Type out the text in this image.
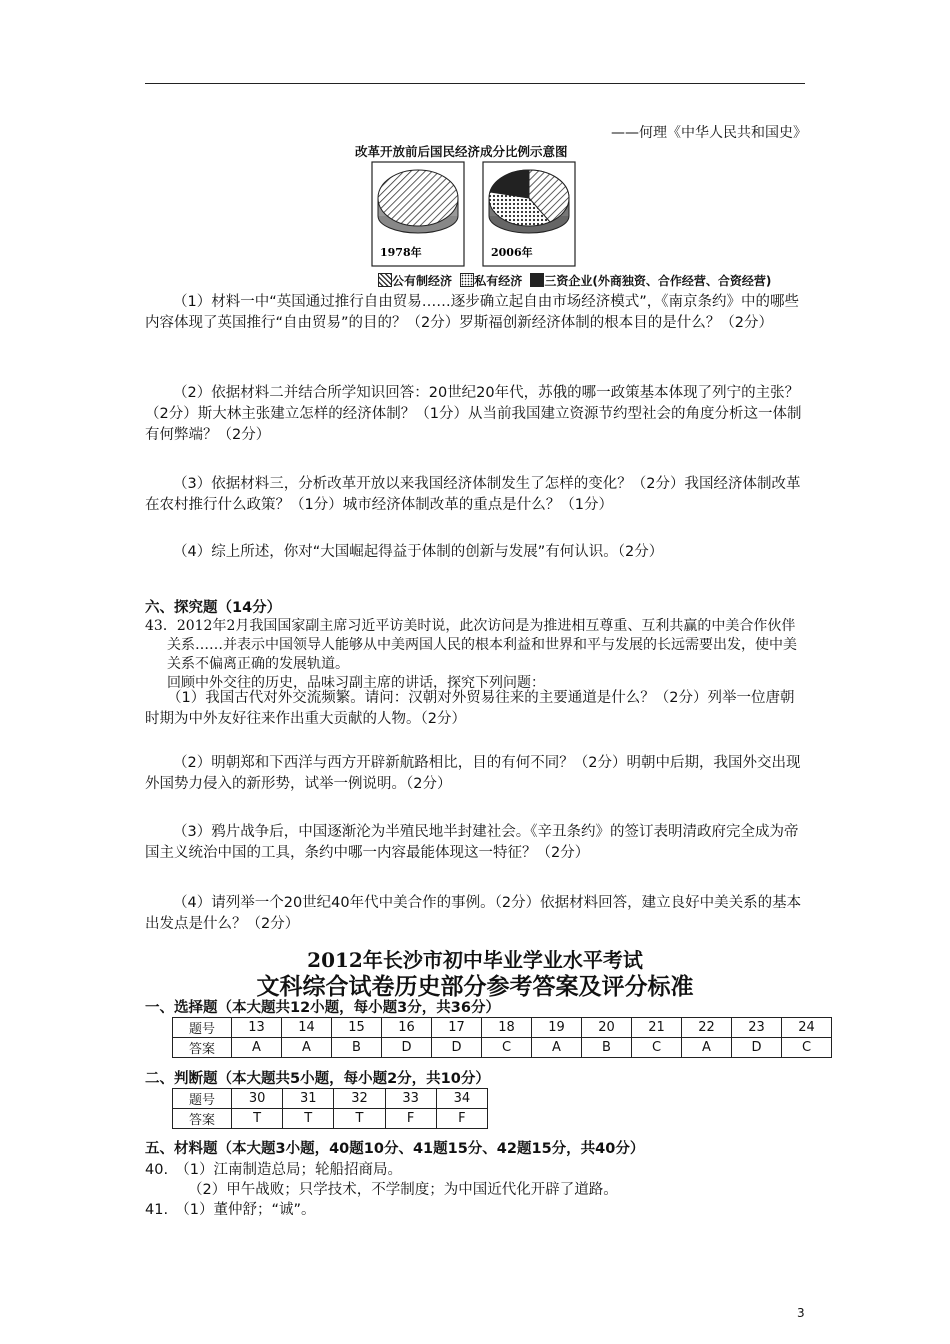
——何理《中华人民共和国史》
改革开放前后国民经济成分比例示意图
1978年	2006年
公有制经济 私有经济 三资企业(外商独资、合作经营、合资经营)
（1）材料一中“英国通过推行自由贸易……逐步确立起自由市场经济模式”，《南京条约》中的哪些内容体现了英国推行“自由贸易”的目的？（2分）罗斯福创新经济体制的根本目的是什么？（2分）
（2）依据材料二并结合所学知识回答：20世纪20年代，苏俄的哪一政策基本体现了列宁的主张？（2分）斯大林主张建立怎样的经济体制？（1分）从当前我国建立资源节约型社会的角度分析这一体制有何弊端？（2分）
（3）依据材料三，分析改革开放以来我国经济体制发生了怎样的变化？（2分）我国经济体制改革在农村推行什么政策？（1分）城市经济体制改革的重点是什么？（1分）
（4）综上所述，你对“大国崛起得益于体制的创新与发展”有何认识。（2分）
六、探究题（14分）
43．2012年2月我国国家副主席习近平访美时说，此次访问是为推进相互尊重、互利共赢的中美合作伙伴关系……并表示中国领导人能够从中美两国人民的根本利益和世界和平与发展的长远需要出发，使中美关系不偏离正确的发展轨道。
回顾中外交往的历史，品味习副主席的讲话，探究下列问题：
（1）我国古代对外交流频繁。请问：汉朝对外贸易往来的主要通道是什么？（2分）列举一位唐朝时期为中外友好往来作出重大贡献的人物。（2分）
（2）明朝郑和下西洋与西方开辟新航路相比，目的有何不同？（2分）明朝中后期，我国外交出现外国势力侵入的新形势，试举一例说明。（2分）
（3）鸦片战争后，中国逐渐沦为半殖民地半封建社会。《辛丑条约》的签订表明清政府完全成为帝国主义统治中国的工具，条约中哪一内容最能体现这一特征？（2分）
（4）请列举一个20世纪40年代中美合作的事例。（2分）依据材料回答，建立良好中美关系的基本出发点是什么？（2分）
2012年长沙市初中毕业学业水平考试
文科综合试卷历史部分参考答案及评分标准
一、选择题（本大题共12小题，每小题3分，共36分）
题号	13	14	15	16	17	18	19	20	21	22	23	24
答案	A	A	B	D	D	C	A	B	C	A	D	C
二、判断题（本大题共5小题，每小题2分，共10分）
题号	30	31	32	33	34
答案	T	T	T	F	F
五、材料题（本大题3小题，40题10分、41题15分、42题15分，共40分）
40.　（1）江南制造总局；轮船招商局。
（2）甲午战败；只学技术，不学制度；为中国近代化开辟了道路。
41.　（1）董仲舒；“诚”。
3
